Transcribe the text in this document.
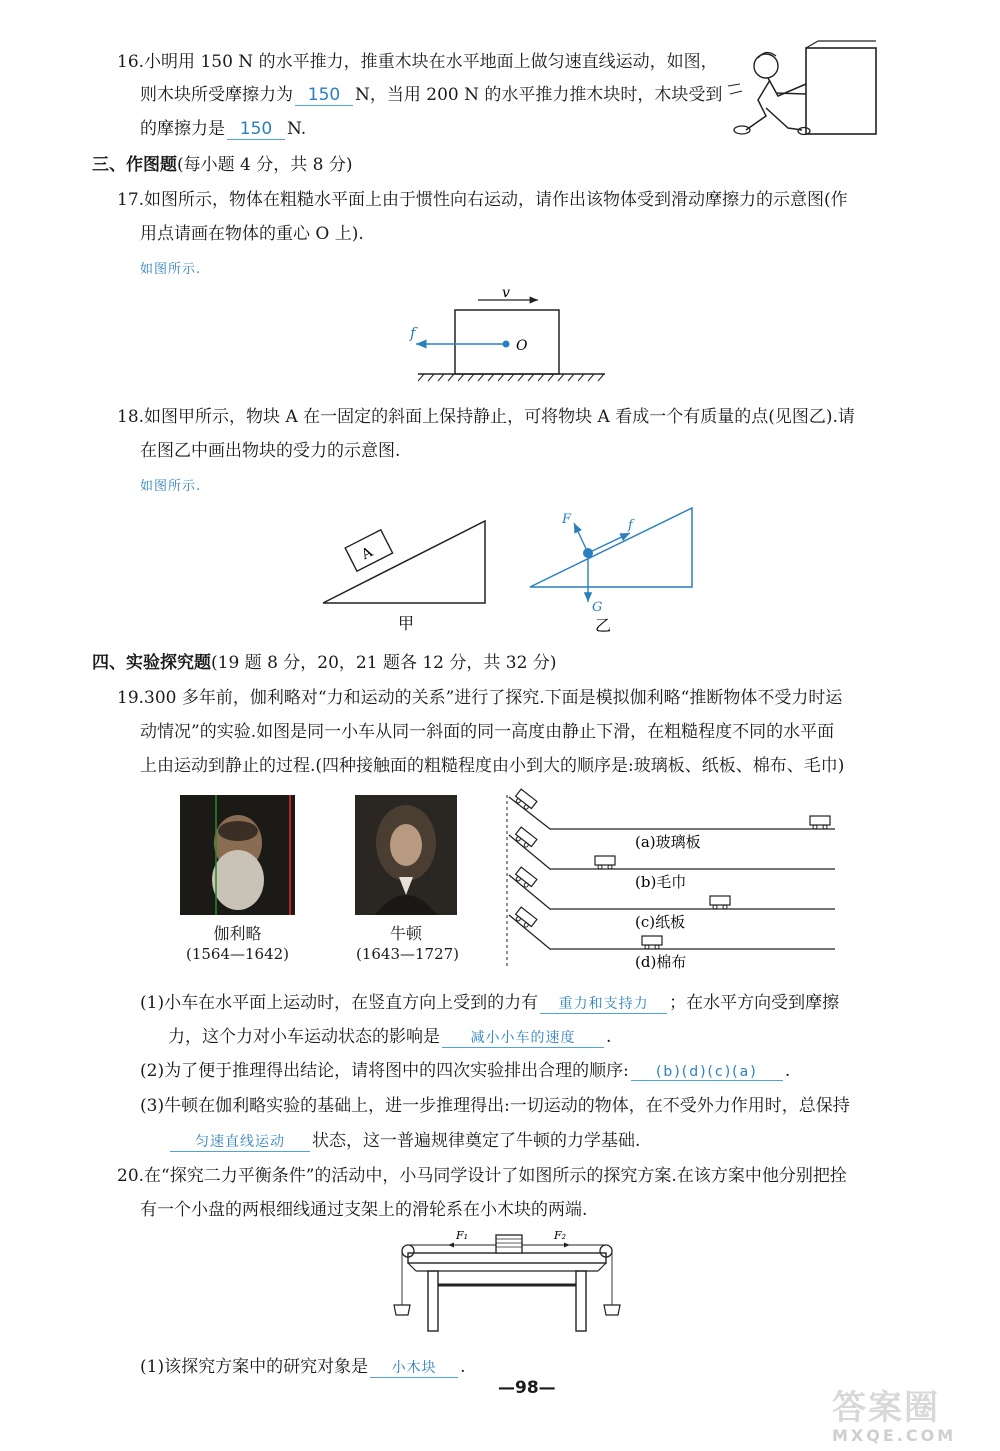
16.小明用 150 N 的水平推力，推重木块在水平地面上做匀速直线运动，如图，
则木块所受摩擦力为 150 N，当用 200 N 的水平推力推木块时，木块受到
的摩擦力是 150 N.
三、作图题(每小题 4 分，共 8 分)
17.如图所示，物体在粗糙水平面上由于惯性向右运动，请作出该物体受到滑动摩擦力的示意图(作
用点请画在物体的重心 O 上).
如图所示.
v
f
O
18.如图甲所示，物块 A 在一固定的斜面上保持静止，可将物块 A 看成一个有质量的点(见图乙).请
在图乙中画出物块的受力的示意图.
如图所示.
A
F	f
G
甲	乙
四、实验探究题(19 题 8 分，20，21 题各 12 分，共 32 分)
19.300 多年前，伽利略对“力和运动的关系”进行了探究.下面是模拟伽利略“推断物体不受力时运
动情况”的实验.如图是同一小车从同一斜面的同一高度由静止下滑，在粗糙程度不同的水平面
上由运动到静止的过程.(四种接触面的粗糙程度由小到大的顺序是:玻璃板、纸板、棉布、毛巾)
伽利略
(1564—1642)
牛顿
(1643—1727)
(a)玻璃板
(b)毛巾
(c)纸板
(d)棉布
(1)小车在水平面上运动时，在竖直方向上受到的力有 重力和支持力 ；在水平方向受到摩擦
力，这个力对小车运动状态的影响是 减小小车的速度 .
(2)为了便于推理得出结论，请将图中的四次实验排出合理的顺序: (b)(d)(c)(a) .
(3)牛顿在伽利略实验的基础上，进一步推理得出:一切运动的物体，在不受外力作用时，总保持
匀速直线运动 状态，这一普遍规律奠定了牛顿的力学基础.
20.在“探究二力平衡条件”的活动中，小马同学设计了如图所示的探究方案.在该方案中他分别把拴
有一个小盘的两根细线通过支架上的滑轮系在小木块的两端.
F₁	F₂
(1)该探究方案中的研究对象是 小木块 .
—98—	答案圈
MXQE.COM
